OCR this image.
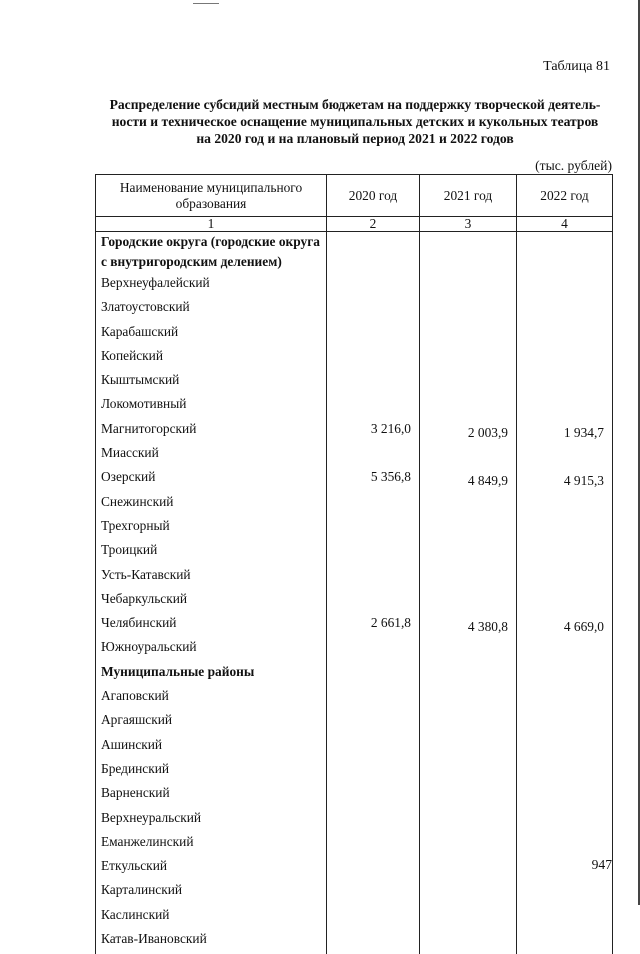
Таблица 81
Распределение субсидий местным бюджетам на поддержку творческой деятель-
ности и техническое оснащение муниципальных детских и кукольных театров
на 2020 год и на плановый период 2021 и 2022 годов
(тыс. рублей)
Наименование муниципального образования	2020 год	2021 год	2022 год
1	2	3	4
Городские округа (городские округа с внутригородским делением)			
Верхнеуфалейский			
Златоустовский			
Карабашский			
Копейский			
Кыштымский			
Локомотивный			
Магнитогорский	3 216,0	2 003,9	1 934,7
Миасский			
Озерский	5 356,8	4 849,9	4 915,3
Снежинский			
Трехгорный			
Троицкий			
Усть-Катавский			
Чебаркульский			
Челябинский	2 661,8	4 380,8	4 669,0
Южноуральский			
Муниципальные районы			
Агаповский			
Аргаяшский			
Ашинский			
Брединский			
Варненский			
Верхнеуральский			
Еманжелинский			
Еткульский			
Карталинский			
Каслинский			
Катав-Ивановский			
947
